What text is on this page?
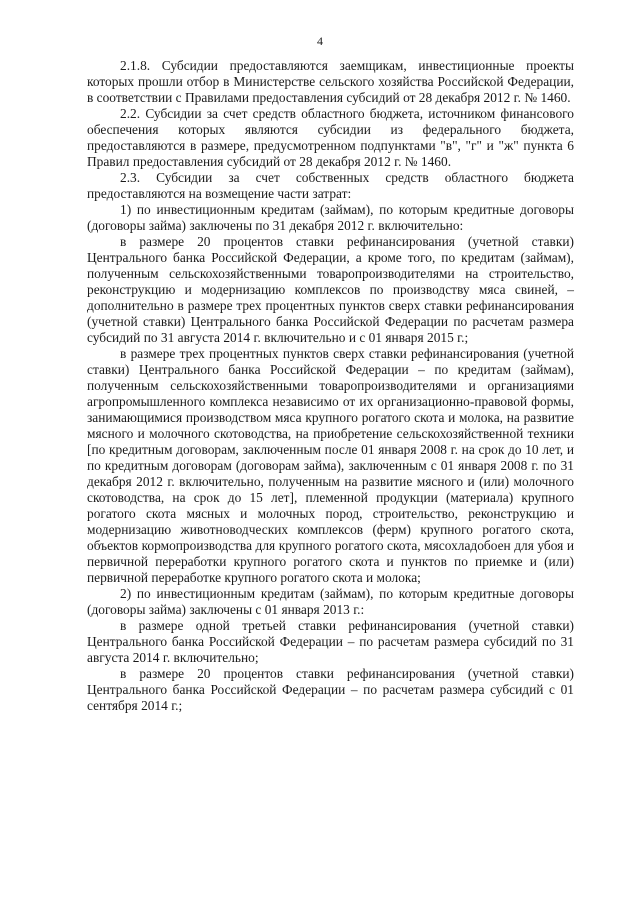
4

2.1.8. Субсидии предоставляются заемщикам, инвестиционные проекты которых прошли отбор в Министерстве сельского хозяйства Российской Федерации, в соответствии с Правилами предоставления субсидий от 28 декабря 2012 г. № 1460.

2.2. Субсидии за счет средств областного бюджета, источником финансового обеспечения которых являются субсидии из федерального бюджета, предоставляются в размере, предусмотренном подпунктами "в", "г" и "ж" пункта 6 Правил предоставления субсидий от 28 декабря 2012 г. № 1460.

2.3. Субсидии за счет собственных средств областного бюджета предоставляются на возмещение части затрат:

1) по инвестиционным кредитам (займам), по которым кредитные договоры (договоры займа) заключены по 31 декабря 2012 г. включительно:

в размере 20 процентов ставки рефинансирования (учетной ставки) Центрального банка Российской Федерации, а кроме того, по кредитам (займам), полученным сельскохозяйственными товаропроизводителями на строительство, реконструкцию и модернизацию комплексов по производству мяса свиней, – дополнительно в размере трех процентных пунктов сверх ставки рефинансирования (учетной ставки) Центрального банка Российской Федерации по расчетам размера субсидий по 31 августа 2014 г. включительно и с 01 января 2015 г.;

в размере трех процентных пунктов сверх ставки рефинансирования (учетной ставки) Центрального банка Российской Федерации – по кредитам (займам), полученным сельскохозяйственными товаропроизводителями и организациями агропромышленного комплекса независимо от их организационно-правовой формы, занимающимися производством мяса крупного рогатого скота и молока, на развитие мясного и молочного скотоводства, на приобретение сельскохозяйственной техники [по кредитным договорам, заключенным после 01 января 2008 г. на срок до 10 лет, и по кредитным договорам (договорам займа), заключенным с 01 января 2008 г. по 31 декабря 2012 г. включительно, полученным на развитие мясного и (или) молочного скотоводства, на срок до 15 лет], племенной продукции (материала) крупного рогатого скота мясных и молочных пород, строительство, реконструкцию и модернизацию животноводческих комплексов (ферм) крупного рогатого скота, объектов кормопроизводства для крупного рогатого скота, мясохладобоен для убоя и первичной переработки крупного рогатого скота и пунктов по приемке и (или) первичной переработке крупного рогатого скота и молока;

2) по инвестиционным кредитам (займам), по которым кредитные договоры (договоры займа) заключены с 01 января 2013 г.:

в размере одной третьей ставки рефинансирования (учетной ставки) Центрального банка Российской Федерации – по расчетам размера субсидий по 31 августа 2014 г. включительно;

в размере 20 процентов ставки рефинансирования (учетной ставки) Центрального банка Российской Федерации – по расчетам размера субсидий с 01 сентября 2014 г.;
